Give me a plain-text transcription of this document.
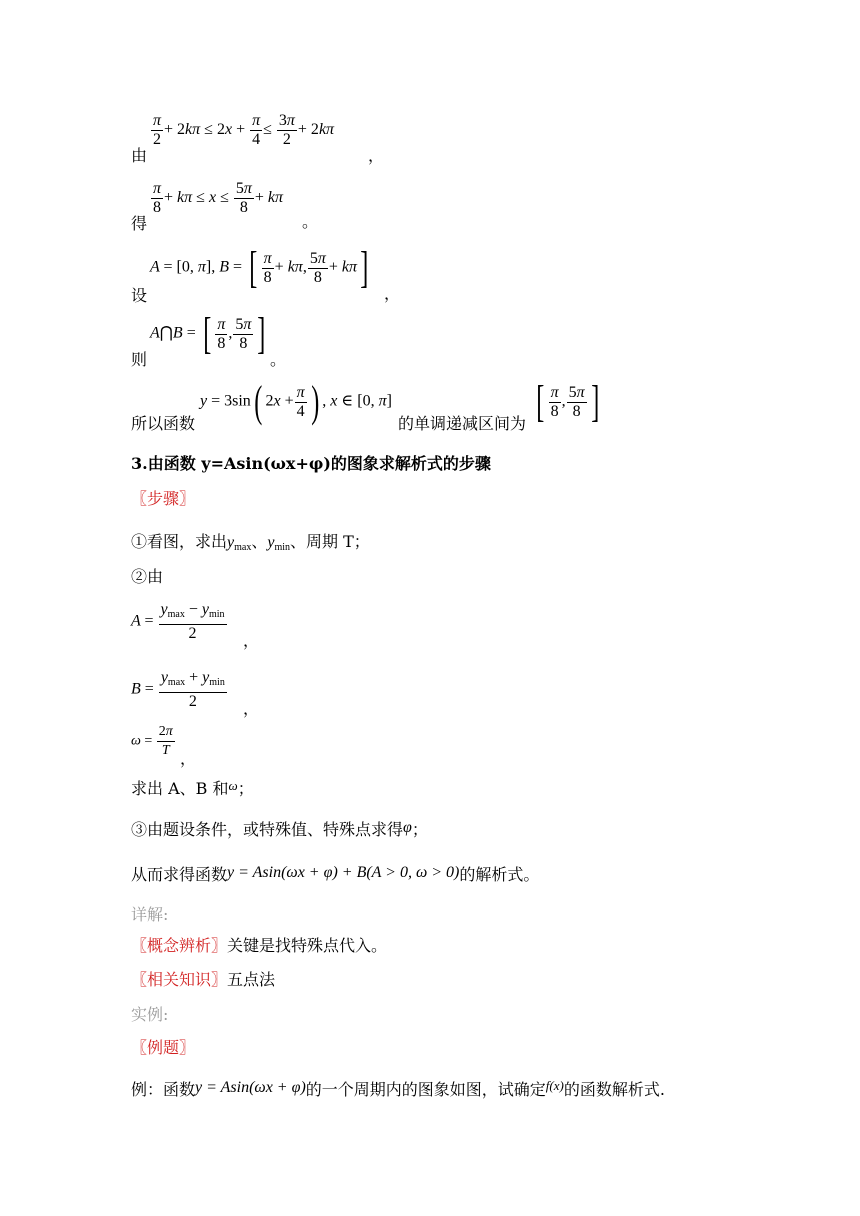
由
$\frac{\pi}{2} + 2k\pi \le 2x + \frac{\pi}{4} \le \frac{3\pi}{2} + 2k\pi$
，
得
$\frac{\pi}{8} + k\pi \le x \le \frac{5\pi}{8} + k\pi$
。
设
A = [0, π], B = [ $\frac{\pi}{8} + k\pi$, $\frac{5\pi}{8} + k\pi$]
，
则
A⋂B = [ $\frac{\pi}{8}$ , $\frac{5\pi}{8}$ ]
。
所以函数
y = 3sin( $2x + \frac{\pi}{4}$ ) , x ∈ [0, π]
的单调递减区间为 [ $\frac{\pi}{8}$ , $\frac{5\pi}{8}$ ]
3.由函数 y=Asin(ωx+φ)的图象求解析式的步骤
〖步骤〗
①看图，求出$y_{max}$、$y_{min}$、周期 T；
②由
$A = \frac{y_{max} - y_{min}}{2}$ ，
$B = \frac{y_{max} + y_{min}}{2}$ ，
$\omega = \frac{2\pi}{T}$ ，
求出 A、B 和$^\omega$；
③由题设条件，或特殊值、特殊点求得φ；
从而求得函数y = Asin(ωx + φ) + B(A > 0, ω > 0)的解析式。
详解:
〖概念辨析〗关键是找特殊点代入。
〖相关知识〗五点法
实例:
〖例题〗
例：函数y = Asin(ωx + φ)的一个周期内的图象如图，试确定$^{f(x)}$的函数解析式.
